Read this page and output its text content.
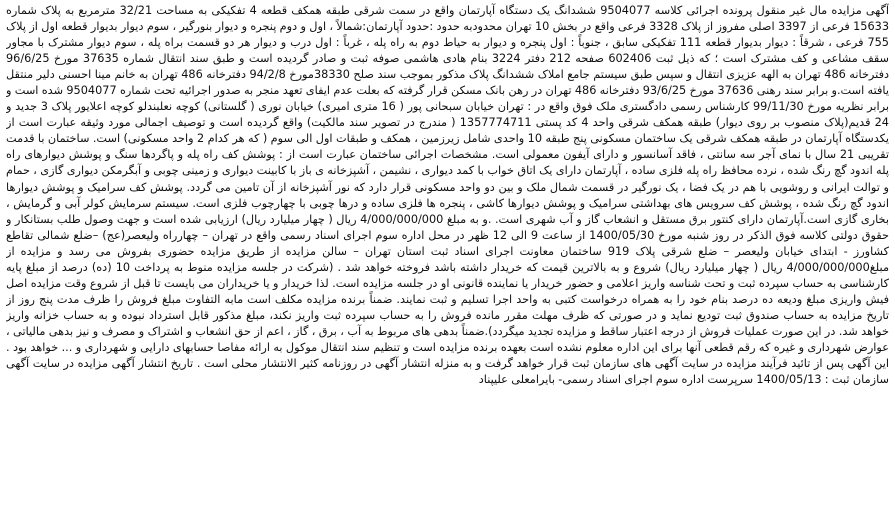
آگهی مزایده مال غیر منقول پرونده اجرائی کلاسه 9504077 ششدانگ یک دستگاه آپارتمان واقع در سمت شرقی طبقه همکف قطعه 4 تفکیکی به مساحت 32/21 مترمربع به پلاک شماره 15633 فرعی از 3397 اصلی مفروز از پلاک 3328 فرعی واقع در بخش 10 تهران محدودبه حدود :حدود آپارتمان:شمالاً ، اول و دوم پنجره و دیوار بنورگیر ، سوم دیوار بدیوار قطعه اول از پلاک 755 فرعی ، شرقاً : دیوار بدیوار قطعه 111 تفکیکی سابق ، جنوباً : اول پنجره و دیوار به حیاط دوم به راه پله ، غرباً : اول درب و دیوار هر دو قسمت براه پله ، سوم دیوار مشترک با مجاور سقف مشاعی و کف مشترک است ؛ که ذیل ثبت 602406 صفحه 212 دفتر 3224 بنام هادی هاشمی صوفه ثبت و صادر گردیده است و طبق سند انتقال شماره 37635 مورخ 96/6/25 دفترخانه 486 تهران به الهه عزیزی انتقال و سپس طبق سیستم جامع املاک ششدانگ پلاک مذکور بموجب سند صلح 38330مورخ 94/2/8 دفترخانه 486 تهران به خانم مینا احسنی دلیر منتقل یافته است.و برابر سند رهنی 37636 مورخ 93/6/25 دفترخانه 486 تهران در رهن بانک مسکن قرار گرفته که بعلت عدم ایفای تعهد منجر به صدور اجرائیه تحت شماره 9504077 شده است و برابر نظریه مورخ 99/11/30 کارشناس رسمی دادگستری ملک فوق واقع در : تهران خیابان سبحانی پور ( 16 متری امیری) خیابان نوری ( گلستانی) کوچه نعلبندلو کوچه اعلایور پلاک 3 جدید و 24 قدیم(پلاک منصوب بر روی دیوار) طبقه همکف شرقی واحد 4 کد پستی 1357774711 ( مندرج در تصویر سند مالکیت) واقع گردیده است و توصیف اجمالی مورد وثیقه عبارت است از یکدستگاه آپارتمان در طبقه همکف شرقی یک ساختمان مسکونی پنج طبقه 10 واحدی شامل زیرزمین ، همکف و طبقات اول الی سوم ( که هر کدام 2 واحد مسکونی) است. ساختمان با قدمت تقریبی 21 سال با نمای آجر سه سانتی ، فاقد آسانسور و دارای آیفون معمولی است. مشخصات اجرائی ساختمان عبارت است از : پوشش کف راه پله و پاگردها سنگ و پوشش دیوارهای راه پله اندود گچ رنگ شده ، نرده محافظ راه پله فلزی ساده ، آپارتمان دارای یک اتاق خواب با کمد دیواری ، نشیمن ، آشپزخانه ی باز با کابینت دیواری و زمینی چوبی و آبگرمکن دیواری گازی ، حمام و توالت ایرانی و روشویی با هم در یک فضا ، یک نورگیر در قسمت شمال ملک و بین دو واحد مسکونی قرار دارد که نور آشپزخانه از آن تامین می گردد. پوشش کف سرامیک و پوشش دیوارها اندود گچ رنگ شده ، پوشش کف سرویس های بهداشتی سرامیک و پوشش دیوارها کاشی ، پنجره ها فلزی ساده و درها چوبی با چهارچوب فلزی است. سیستم سرمایش کولر آبی و گرمایش ، بخاری گازی است.آپارتمان دارای کنتور برق مستقل و انشعاب گاز و آب شهری است. .و به مبلغ 4/000/000/000 ریال ( چهار میلیارد ریال) ارزیابی شده است و جهت وصول طلب بستانکار و حقوق دولتی کلاسه فوق الذکر در روز شنبه مورخ 1400/05/30 از ساعت 9 الی 12 ظهر در محل اداره سوم اجرای اسناد رسمی واقع در تهران – چهارراه ولیعصر(عج) –ضلع شمالی تقاطع کشاورز - ابتدای خیابان ولیعصر – ضلع شرقی پلاک 919 ساختمان معاونت اجرای اسناد ثبت استان تهران – سالن مزایده از طریق مزایده حضوری بفروش می رسد و مزایده از مبلغ4/000/000/000 ریال ( چهار میلیارد ریال) شروع و به بالاترین قیمت که خریدار داشته باشد فروخته خواهد شد . (شرکت در جلسه مزایده منوط به پرداخت 10 (ده) درصد از مبلغ پایه کارشناسی به حساب سپرده ثبت و تحت شناسه واریز اعلامی و حضور خریدار یا نماینده قانونی او در جلسه مزایده است. لذا خریدار و یا خریداران می بایست تا قبل از شروع وقت مزایده اصل فیش واریزی مبلغ ودیعه ده درصد بنام خود را به همراه درخواست کتبی به واحد اجرا تسلیم و ثبت نمایند. ضمناً برنده مزایده مکلف است مابه التفاوت مبلغ فروش را ظرف مدت پنج روز از تاریخ مزایده به حساب صندوق ثبت تودیع نماید و در صورتی که ظرف مهلت مقرر مانده فروش را به حساب سپرده ثبت واریز نکند، مبلغ مذکور قابل استرداد نبوده و به حساب خزانه واریز خواهد شد. در این صورت عملیات فروش از درجه اعتبار ساقط و مزایده تجدید میگردد).ضمناً بدهی های مربوط به آب ، برق ، گاز ، اعم از حق انشعاب و اشتراک و مصرف و نیز بدهی مالیاتی ، عوارض شهرداری و غیره که رقم قطعی آنها برای این اداره معلوم نشده است بعهده برنده مزایده است و تنظیم سند انتقال موکول به ارائه مفاصا حسابهای دارایی و شهرداری و ... خواهد بود . این آگهی پس از تائید فرآیند مزایده در سایت آگهی های سازمان ثبت قرار خواهد گرفت و به منزله انتشار آگهی در روزنامه کثیر الانتشار محلی است . تاریخ انتشار آگهی مزایده در سایت آگهی سازمان ثبت : 1400/05/13 سرپرست اداره سوم اجرای اسناد رسمی- بایرامعلی علیپناد
